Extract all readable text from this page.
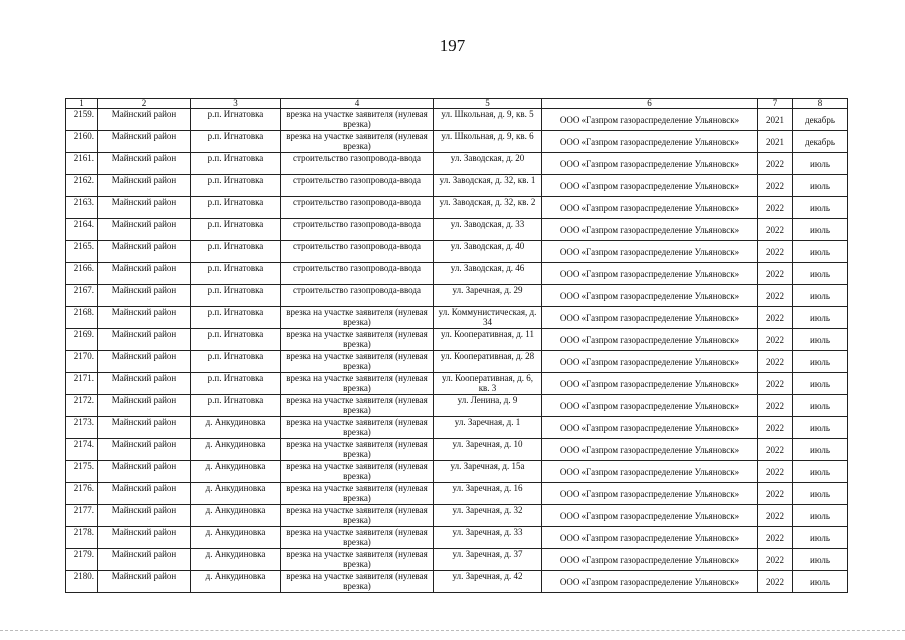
197
1	2	3	4	5	6	7	8
2159.	Майнский район	р.п. Игнатовка	врезка на участке заявителя (нулевая врезка)	ул. Школьная, д. 9, кв. 5	ООО «Газпром газораспределение Ульяновск»	2021	декабрь
2160.	Майнский район	р.п. Игнатовка	врезка на участке заявителя (нулевая врезка)	ул. Школьная, д. 9, кв. 6	ООО «Газпром газораспределение Ульяновск»	2021	декабрь
2161.	Майнский район	р.п. Игнатовка	строительство газопровода-ввода	ул. Заводская, д. 20	ООО «Газпром газораспределение Ульяновск»	2022	июль
2162.	Майнский район	р.п. Игнатовка	строительство газопровода-ввода	ул. Заводская, д. 32, кв. 1	ООО «Газпром газораспределение Ульяновск»	2022	июль
2163.	Майнский район	р.п. Игнатовка	строительство газопровода-ввода	ул. Заводская, д. 32, кв. 2	ООО «Газпром газораспределение Ульяновск»	2022	июль
2164.	Майнский район	р.п. Игнатовка	строительство газопровода-ввода	ул. Заводская, д. 33	ООО «Газпром газораспределение Ульяновск»	2022	июль
2165.	Майнский район	р.п. Игнатовка	строительство газопровода-ввода	ул. Заводская, д. 40	ООО «Газпром газораспределение Ульяновск»	2022	июль
2166.	Майнский район	р.п. Игнатовка	строительство газопровода-ввода	ул. Заводская, д. 46	ООО «Газпром газораспределение Ульяновск»	2022	июль
2167.	Майнский район	р.п. Игнатовка	строительство газопровода-ввода	ул. Заречная, д. 29	ООО «Газпром газораспределение Ульяновск»	2022	июль
2168.	Майнский район	р.п. Игнатовка	врезка на участке заявителя (нулевая врезка)	ул. Коммунистическая, д. 34	ООО «Газпром газораспределение Ульяновск»	2022	июль
2169.	Майнский район	р.п. Игнатовка	врезка на участке заявителя (нулевая врезка)	ул. Кооперативная, д. 11	ООО «Газпром газораспределение Ульяновск»	2022	июль
2170.	Майнский район	р.п. Игнатовка	врезка на участке заявителя (нулевая врезка)	ул. Кооперативная, д. 28	ООО «Газпром газораспределение Ульяновск»	2022	июль
2171.	Майнский район	р.п. Игнатовка	врезка на участке заявителя (нулевая врезка)	ул. Кооперативная, д. 6, кв. 3	ООО «Газпром газораспределение Ульяновск»	2022	июль
2172.	Майнский район	р.п. Игнатовка	врезка на участке заявителя (нулевая врезка)	ул. Ленина, д. 9	ООО «Газпром газораспределение Ульяновск»	2022	июль
2173.	Майнский район	д. Анкудиновка	врезка на участке заявителя (нулевая врезка)	ул. Заречная, д. 1	ООО «Газпром газораспределение Ульяновск»	2022	июль
2174.	Майнский район	д. Анкудиновка	врезка на участке заявителя (нулевая врезка)	ул. Заречная, д. 10	ООО «Газпром газораспределение Ульяновск»	2022	июль
2175.	Майнский район	д. Анкудиновка	врезка на участке заявителя (нулевая врезка)	ул. Заречная, д. 15а	ООО «Газпром газораспределение Ульяновск»	2022	июль
2176.	Майнский район	д. Анкудиновка	врезка на участке заявителя (нулевая врезка)	ул. Заречная, д. 16	ООО «Газпром газораспределение Ульяновск»	2022	июль
2177.	Майнский район	д. Анкудиновка	врезка на участке заявителя (нулевая врезка)	ул. Заречная, д. 32	ООО «Газпром газораспределение Ульяновск»	2022	июль
2178.	Майнский район	д. Анкудиновка	врезка на участке заявителя (нулевая врезка)	ул. Заречная, д. 33	ООО «Газпром газораспределение Ульяновск»	2022	июль
2179.	Майнский район	д. Анкудиновка	врезка на участке заявителя (нулевая врезка)	ул. Заречная, д. 37	ООО «Газпром газораспределение Ульяновск»	2022	июль
2180.	Майнский район	д. Анкудиновка	врезка на участке заявителя (нулевая врезка)	ул. Заречная, д. 42	ООО «Газпром газораспределение Ульяновск»	2022	июль
